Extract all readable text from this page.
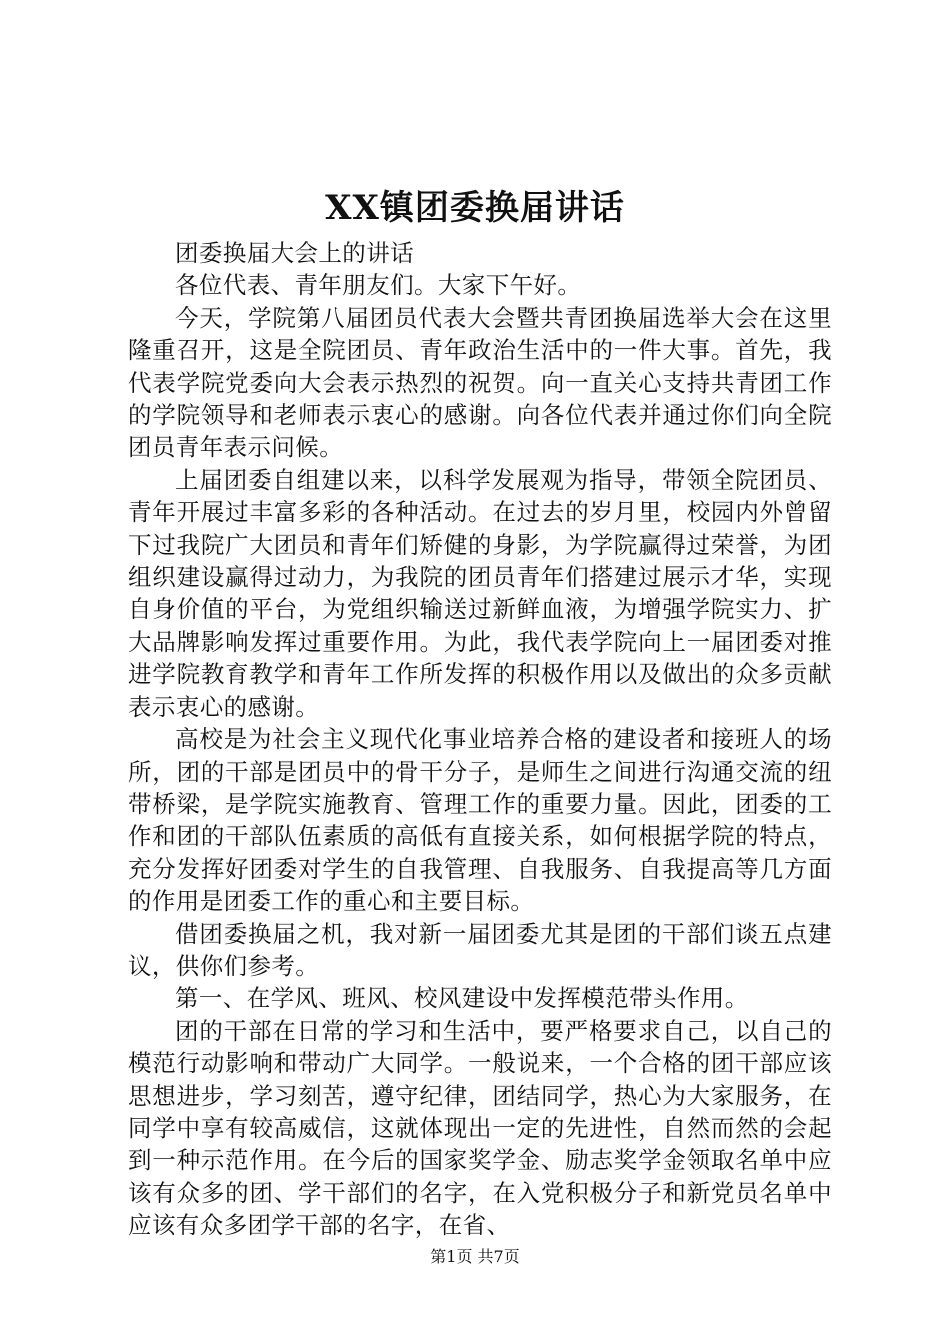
XX镇团委换届讲话

团委换届大会上的讲话

各位代表、青年朋友们。大家下午好。

今天，学院第八届团员代表大会暨共青团换届选举大会在这里隆重召开，这是全院团员、青年政治生活中的一件大事。首先，我代表学院党委向大会表示热烈的祝贺。向一直关心支持共青团工作的学院领导和老师表示衷心的感谢。向各位代表并通过你们向全院团员青年表示问候。

上届团委自组建以来，以科学发展观为指导，带领全院团员、青年开展过丰富多彩的各种活动。在过去的岁月里，校园内外曾留下过我院广大团员和青年们矫健的身影，为学院赢得过荣誉，为团组织建设赢得过动力，为我院的团员青年们搭建过展示才华，实现自身价值的平台，为党组织输送过新鲜血液，为增强学院实力、扩大品牌影响发挥过重要作用。为此，我代表学院向上一届团委对推进学院教育教学和青年工作所发挥的积极作用以及做出的众多贡献表示衷心的感谢。

高校是为社会主义现代化事业培养合格的建设者和接班人的场所，团的干部是团员中的骨干分子，是师生之间进行沟通交流的纽带桥梁，是学院实施教育、管理工作的重要力量。因此，团委的工作和团的干部队伍素质的高低有直接关系，如何根据学院的特点，充分发挥好团委对学生的自我管理、自我服务、自我提高等几方面的作用是团委工作的重心和主要目标。

借团委换届之机，我对新一届团委尤其是团的干部们谈五点建议，供你们参考。

第一、在学风、班风、校风建设中发挥模范带头作用。

团的干部在日常的学习和生活中，要严格要求自己，以自己的模范行动影响和带动广大同学。一般说来，一个合格的团干部应该思想进步，学习刻苦，遵守纪律，团结同学，热心为大家服务，在同学中享有较高威信，这就体现出一定的先进性，自然而然的会起到一种示范作用。在今后的国家奖学金、励志奖学金领取名单中应该有众多的团、学干部们的名字，在入党积极分子和新党员名单中应该有众多团学干部的名字，在省、

第1页 共7页
